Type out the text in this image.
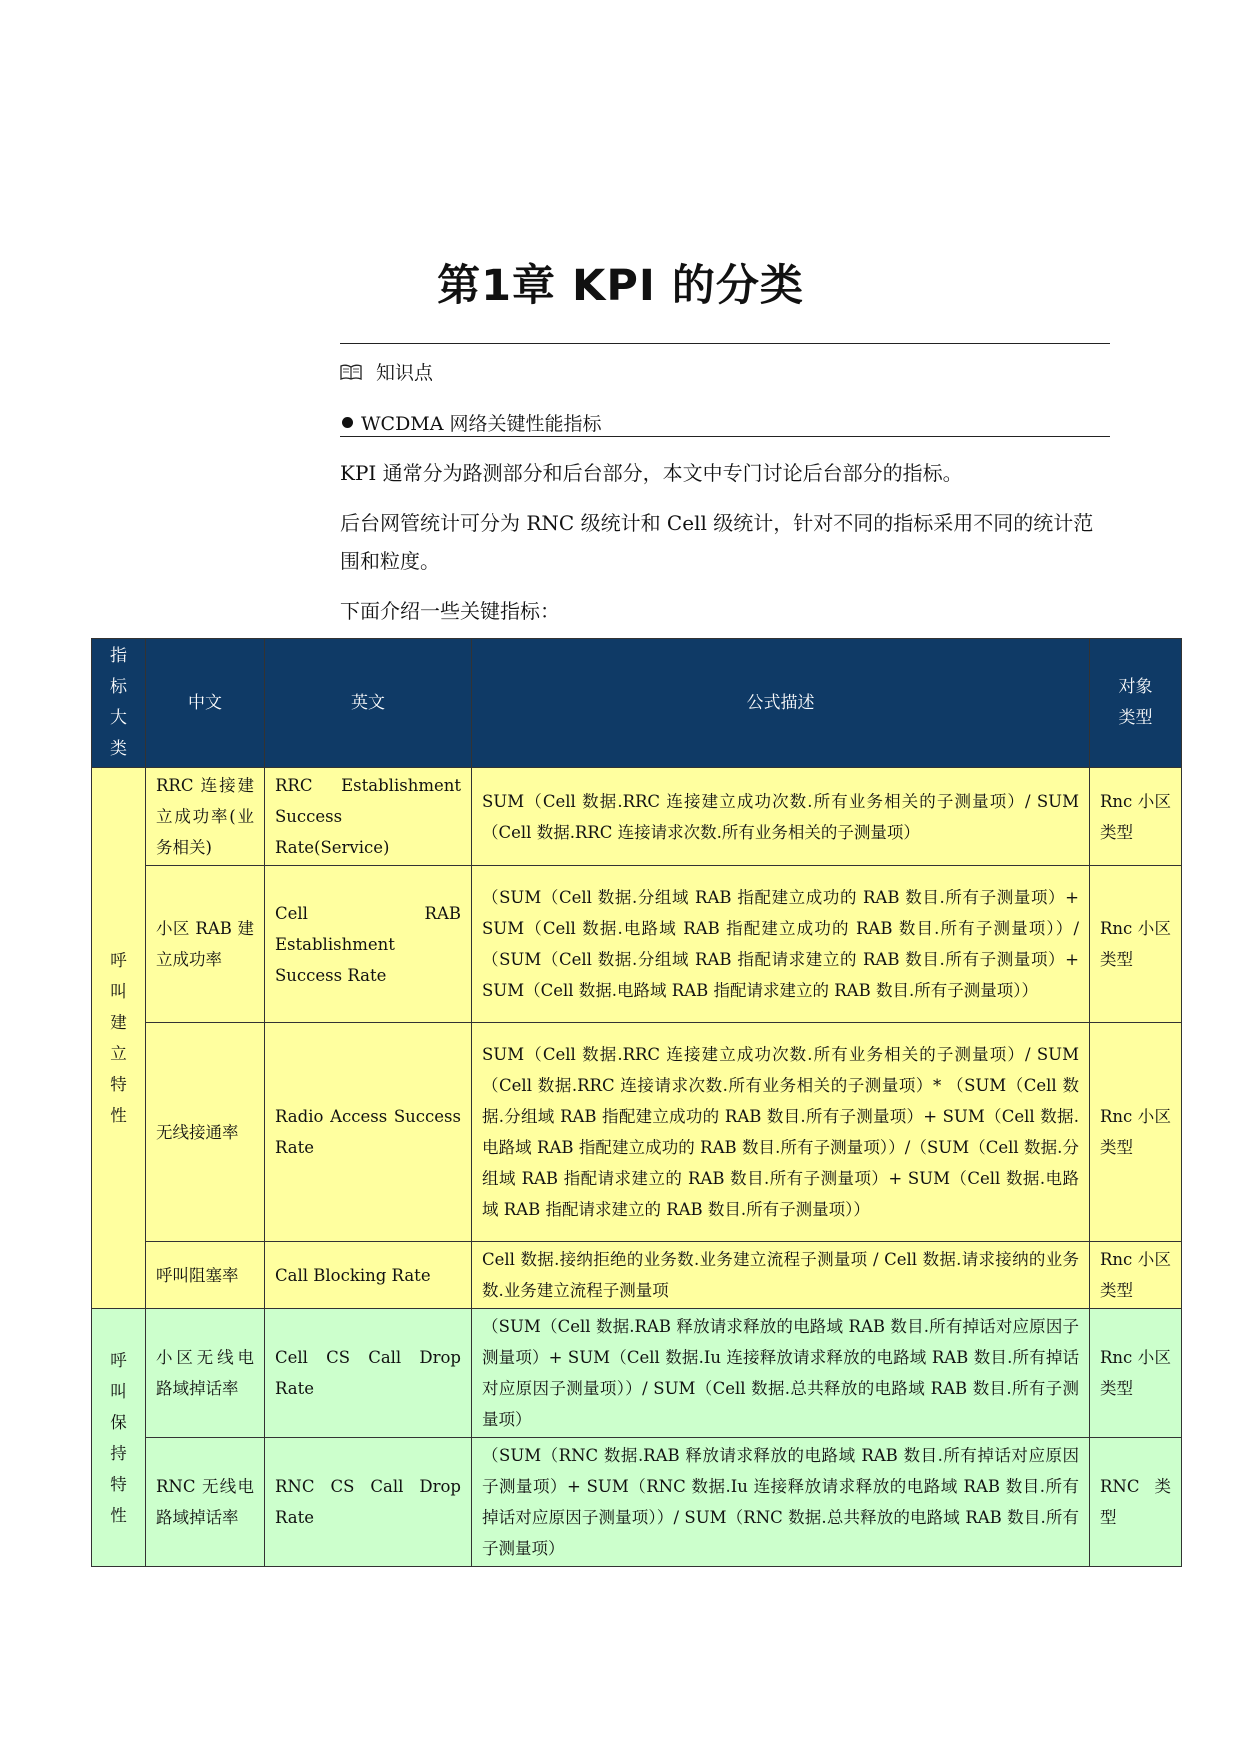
第1章 KPI 的分类
知识点
WCDMA 网络关键性能指标
KPI 通常分为路测部分和后台部分，本文中专门讨论后台部分的指标。
后台网管统计可分为 RNC 级统计和 Cell 级统计，针对不同的指标采用不同的统计范围和粒度。
下面介绍一些关键指标：
指标大类	中文	英文	公式描述	对象类型

呼叫建立特性	RRC 连接建立成功率(业务相关)	RRC Establishment Success Rate(Service)	SUM（Cell 数据.RRC 连接建立成功次数.所有业务相关的子测量项）/ SUM（Cell 数据.RRC 连接请求次数.所有业务相关的子测量项）	Rnc 小区类型
	小区 RAB 建立成功率	Cell RAB Establishment Success Rate	（SUM（Cell 数据.分组域 RAB 指配建立成功的 RAB 数目.所有子测量项）+ SUM（Cell 数据.电路域 RAB 指配建立成功的 RAB 数目.所有子测量项））/（SUM（Cell 数据.分组域 RAB 指配请求建立的 RAB 数目.所有子测量项）+ SUM（Cell 数据.电路域 RAB 指配请求建立的 RAB 数目.所有子测量项））	Rnc 小区类型
	无线接通率	Radio Access Success Rate	SUM（Cell 数据.RRC 连接建立成功次数.所有业务相关的子测量项）/ SUM（Cell 数据.RRC 连接请求次数.所有业务相关的子测量项）* （SUM（Cell 数据.分组域 RAB 指配建立成功的 RAB 数目.所有子测量项）+ SUM（Cell 数据.电路域 RAB 指配建立成功的 RAB 数目.所有子测量项））/（SUM（Cell 数据.分组域 RAB 指配请求建立的 RAB 数目.所有子测量项）+ SUM（Cell 数据.电路域 RAB 指配请求建立的 RAB 数目.所有子测量项））	Rnc 小区类型
	呼叫阻塞率	Call Blocking Rate	Cell 数据.接纳拒绝的业务数.业务建立流程子测量项 / Cell 数据.请求接纳的业务数.业务建立流程子测量项	Rnc 小区类型

呼叫保持特性	小区无线电路域掉话率	Cell CS Call Drop Rate	（SUM（Cell 数据.RAB 释放请求释放的电路域 RAB 数目.所有掉话对应原因子测量项）+ SUM（Cell 数据.Iu 连接释放请求释放的电路域 RAB 数目.所有掉话对应原因子测量项））/ SUM（Cell 数据.总共释放的电路域 RAB 数目.所有子测量项）	Rnc 小区类型
	RNC 无线电路域掉话率	RNC CS Call Drop Rate	（SUM（RNC 数据.RAB 释放请求释放的电路域 RAB 数目.所有掉话对应原因子测量项）+ SUM（RNC 数据.Iu 连接释放请求释放的电路域 RAB 数目.所有掉话对应原因子测量项））/ SUM（RNC 数据.总共释放的电路域 RAB 数目.所有子测量项）	RNC 类型
